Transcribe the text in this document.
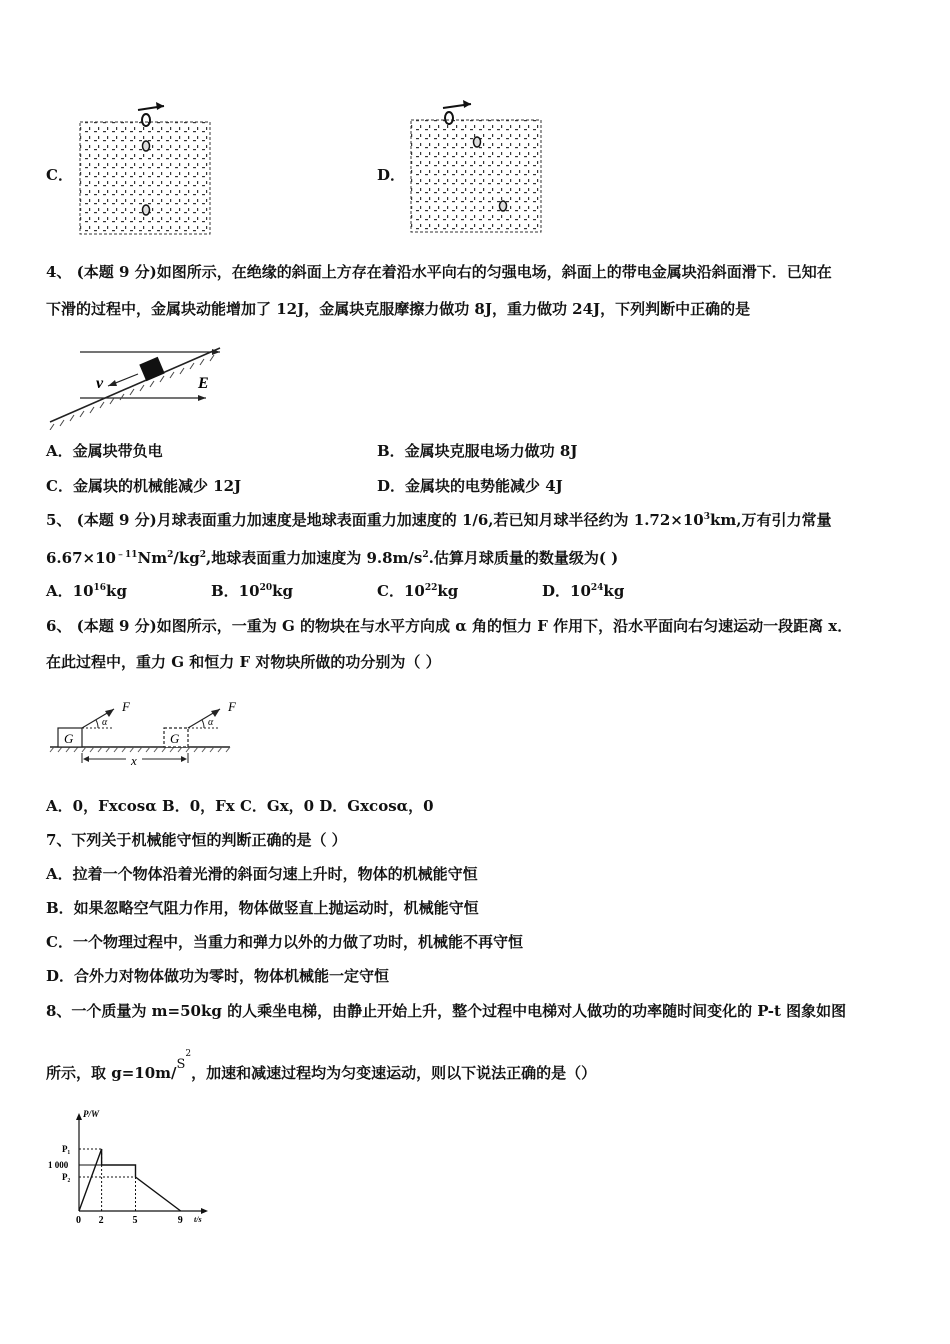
C．	D．
4、 (本题 9 分)如图所示，在绝缘的斜面上方存在着沿水平向右的匀强电场，斜面上的带电金属块沿斜面滑下．已知在
下滑的过程中，金属块动能增加了 12J，金属块克服摩擦力做功 8J，重力做功 24J，下列判断中正确的是
v	E
A．金属块带负电	B．金属块克服电场力做功 8J
C．金属块的机械能减少 12J	D．金属块的电势能减少 4J
5、 (本题 9 分)月球表面重力加速度是地球表面重力加速度的 1/6,若已知月球半径约为 $1.72\times 10^3km$,万有引力常量
$6.67\times 10^{﹣11}Nm^2/kg^2$,地球表面重力加速度为 $9.8m/s^2$.估算月球质量的数量级为( )
A．$10^{16}kg$	B．$10^{20}kg$	C．$10^{22}kg$	D．$10^{24}kg$
6、 (本题 9 分)如图所示，一重为 G 的物块在与水平方向成 α 角的恒力 F 作用下，沿水平面向右匀速运动一段距离 x．
在此过程中，重力 G 和恒力 F 对物块所做的功分别为（ ）
G
α
F
G
α
F
x
A．0，Fxcosα B．0，Fx C．Gx，0 D．Gxcosα，0
7、下列关于机械能守恒的判断正确的是（ ）
A．拉着一个物体沿着光滑的斜面匀速上升时，物体的机械能守恒
B．如果忽略空气阻力作用，物体做竖直上抛运动时，机械能守恒
C．一个物理过程中，当重力和弹力以外的力做了功时，机械能不再守恒
D．合外力对物体做功为零时，物体机械能一定守恒
8、一个质量为 m=50kg 的人乘坐电梯，由静止开始上升，整个过程中电梯对人做功的功率随时间变化的 P-t 图象如图
所示，取 $g=10m/S^2$，加速和减速过程均为匀变速运动，则以下说法正确的是（）
P/W
t/s
0 2	5	9
P₂
1 000
P₁
